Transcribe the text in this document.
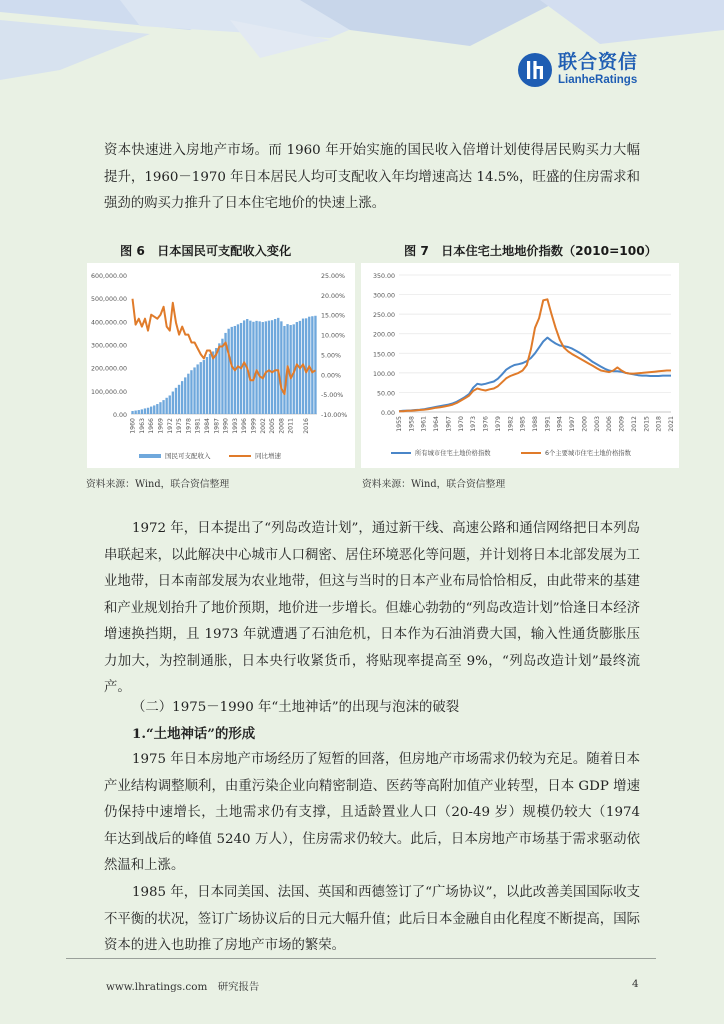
联合资信
LianheRatings

资本快速进入房地产市场。而 1960 年开始实施的国民收入倍增计划使得居民购买力大幅提升，1960－1970 年日本居民人均可支配收入年均增速高达 14.5%，旺盛的住房需求和强劲的购买力推升了日本住宅地价的快速上涨。

图 6　日本国民可支配收入变化	图 7　日本住宅土地地价指数（2010=100）
600,000.00
500,000.00
400,000.00
300,000.00
200,000.00
100,000.00
0.00
25.00%
20.00%
15.00%
10.00%
5.00%
0.00%
-5.00%
-10.00%
1960 1963 1966 1969 1972 1975 1978 1981 1984 1987 1990 1993 1996 1999 2002 2005 2008 2011 2016
国民可支配收入	同比增速
350.00
300.00
250.00
200.00
150.00
100.00
50.00
0.00
1955 1958 1961 1964 1967 1970 1973 1976 1979 1982 1985 1988 1991 1994 1997 2000 2003 2006 2009 2012 2015 2018 2021
所有城市住宅土地价格指数	6个主要城市住宅土地价格指数
资料来源：Wind，联合资信整理	资料来源：Wind，联合资信整理

1972 年，日本提出了“列岛改造计划”，通过新干线、高速公路和通信网络把日本列岛串联起来，以此解决中心城市人口稠密、居住环境恶化等问题，并计划将日本北部发展为工业地带，日本南部发展为农业地带，但这与当时的日本产业布局恰恰相反，由此带来的基建和产业规划抬升了地价预期，地价进一步增长。但雄心勃勃的“列岛改造计划”恰逢日本经济增速换挡期，且 1973 年就遭遇了石油危机，日本作为石油消费大国，输入性通货膨胀压力加大，为控制通胀，日本央行收紧货币，将贴现率提高至 9%，“列岛改造计划”最终流产。

（二）1975－1990 年“土地神话”的出现与泡沫的破裂
1.“土地神话”的形成

1975 年日本房地产市场经历了短暂的回落，但房地产市场需求仍较为充足。随着日本产业结构调整顺利，由重污染企业向精密制造、医药等高附加值产业转型，日本 GDP 增速仍保持中速增长，土地需求仍有支撑，且适龄置业人口（20-49 岁）规模仍较大（1974 年达到战后的峰值 5240 万人），住房需求仍较大。此后，日本房地产市场基于需求驱动依然温和上涨。

1985 年，日本同美国、法国、英国和西德签订了“广场协议”，以此改善美国国际收支不平衡的状况，签订广场协议后的日元大幅升值；此后日本金融自由化程度不断提高，国际资本的进入也助推了房地产市场的繁荣。

www.lhratings.com　研究报告	4
